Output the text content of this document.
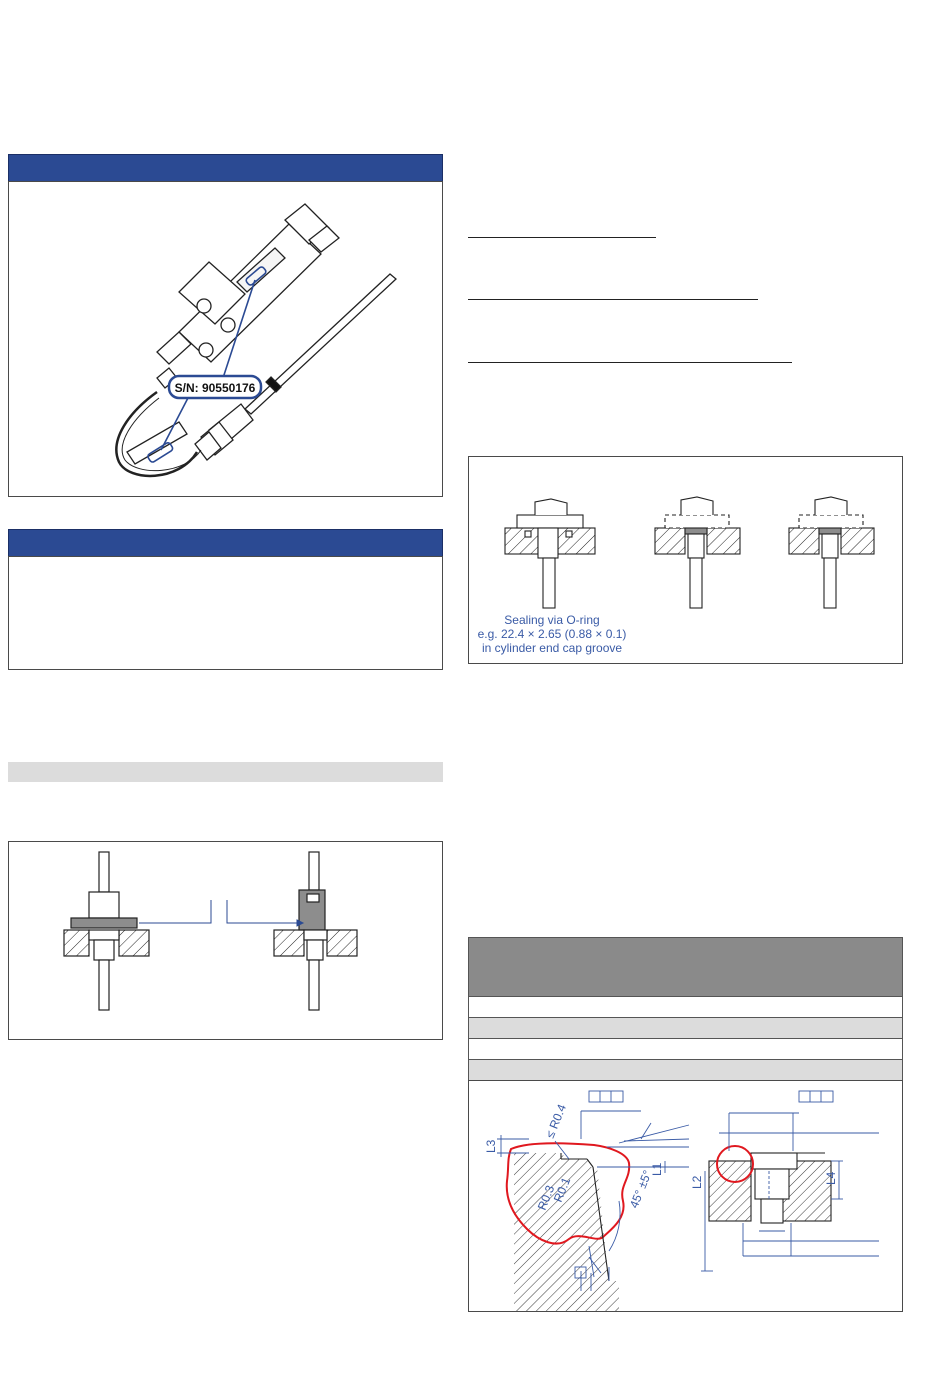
S/N: 90550176
Sealing via O-ring
e.g. 22.4 × 2.65 (0.88 × 0.1)
in cylinder end cap groove
≤ R0.4
R0.3
R0.1	45° ±5°
L3
L1
L2	L4
